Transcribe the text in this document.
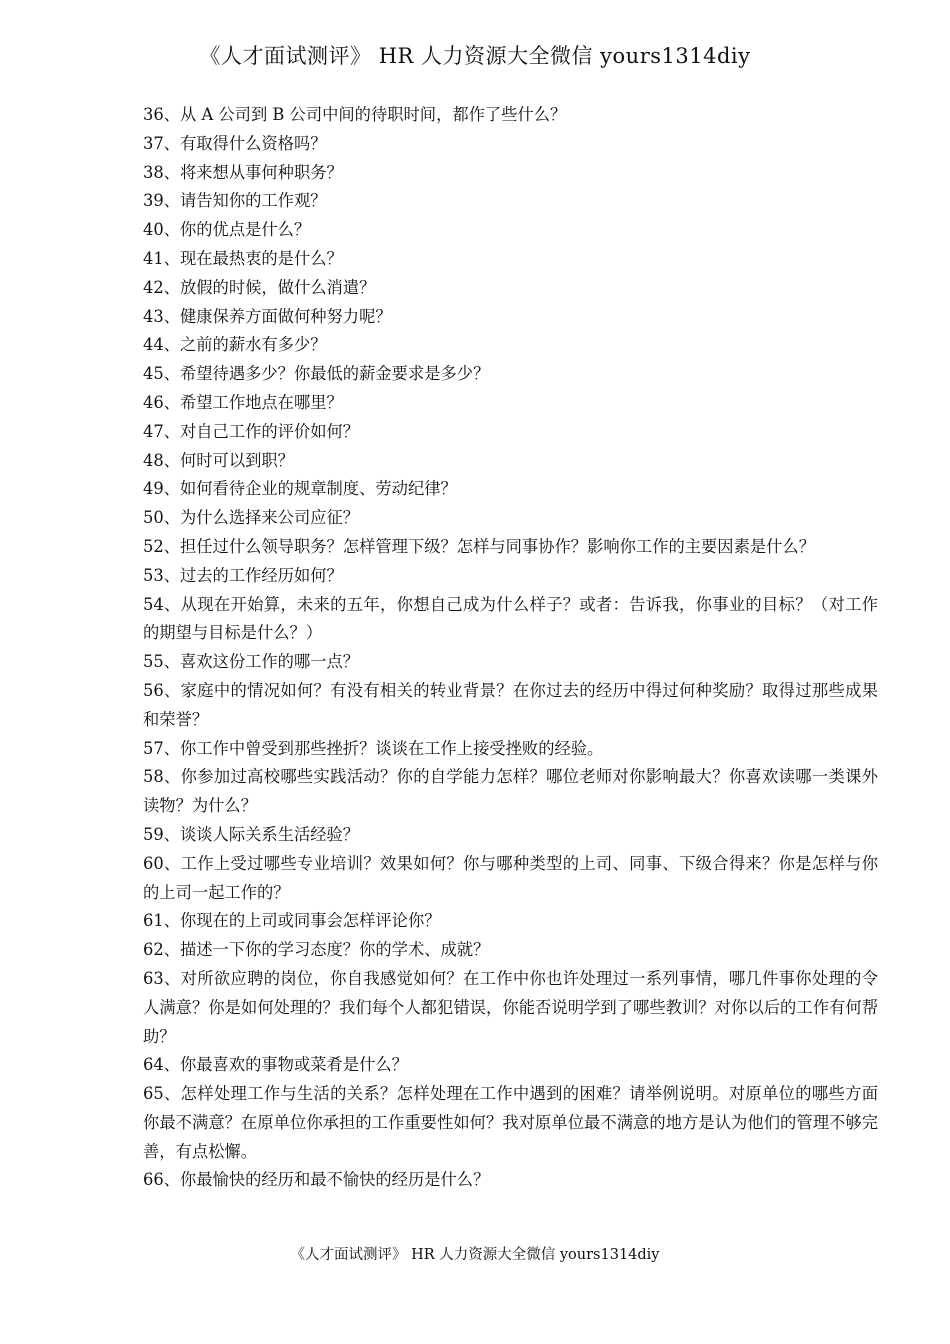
《人才面试测评》 HR 人力资源大全微信 yours1314diy

36、从 A 公司到 B 公司中间的待职时间，都作了些什么？

37、有取得什么资格吗？

38、将来想从事何种职务？

39、请告知你的工作观？

40、你的优点是什么？

41、现在最热衷的是什么？

42、放假的时候，做什么消遣？

43、健康保养方面做何种努力呢？

44、之前的薪水有多少？

45、希望待遇多少？你最低的薪金要求是多少？

46、希望工作地点在哪里？

47、对自己工作的评价如何？

48、何时可以到职？

49、如何看待企业的规章制度、劳动纪律？

50、为什么选择来公司应征？

52、担任过什么领导职务？怎样管理下级？怎样与同事协作？影响你工作的主要因素是什么？

53、过去的工作经历如何？

54、从现在开始算，未来的五年，你想自己成为什么样子？或者：告诉我，你事业的目标？（对工作的期望与目标是什么？）

55、喜欢这份工作的哪一点？

56、家庭中的情况如何？有没有相关的转业背景？在你过去的经历中得过何种奖励？取得过那些成果和荣誉？

57、你工作中曾受到那些挫折？谈谈在工作上接受挫败的经验。

58、你参加过高校哪些实践活动？你的自学能力怎样？哪位老师对你影响最大？你喜欢读哪一类课外读物？为什么？

59、谈谈人际关系生活经验？

60、工作上受过哪些专业培训？效果如何？你与哪种类型的上司、同事、下级合得来？你是怎样与你的上司一起工作的？

61、你现在的上司或同事会怎样评论你？

62、描述一下你的学习态度？你的学术、成就？

63、对所欲应聘的岗位，你自我感觉如何？在工作中你也许处理过一系列事情，哪几件事你处理的令人满意？你是如何处理的？我们每个人都犯错误，你能否说明学到了哪些教训？对你以后的工作有何帮助？

64、你最喜欢的事物或菜肴是什么？

65、怎样处理工作与生活的关系？怎样处理在工作中遇到的困难？请举例说明。对原单位的哪些方面你最不满意？在原单位你承担的工作重要性如何？我对原单位最不满意的地方是认为他们的管理不够完善，有点松懈。

66、你最愉快的经历和最不愉快的经历是什么？

《人才面试测评》 HR 人力资源大全微信 yours1314diy
